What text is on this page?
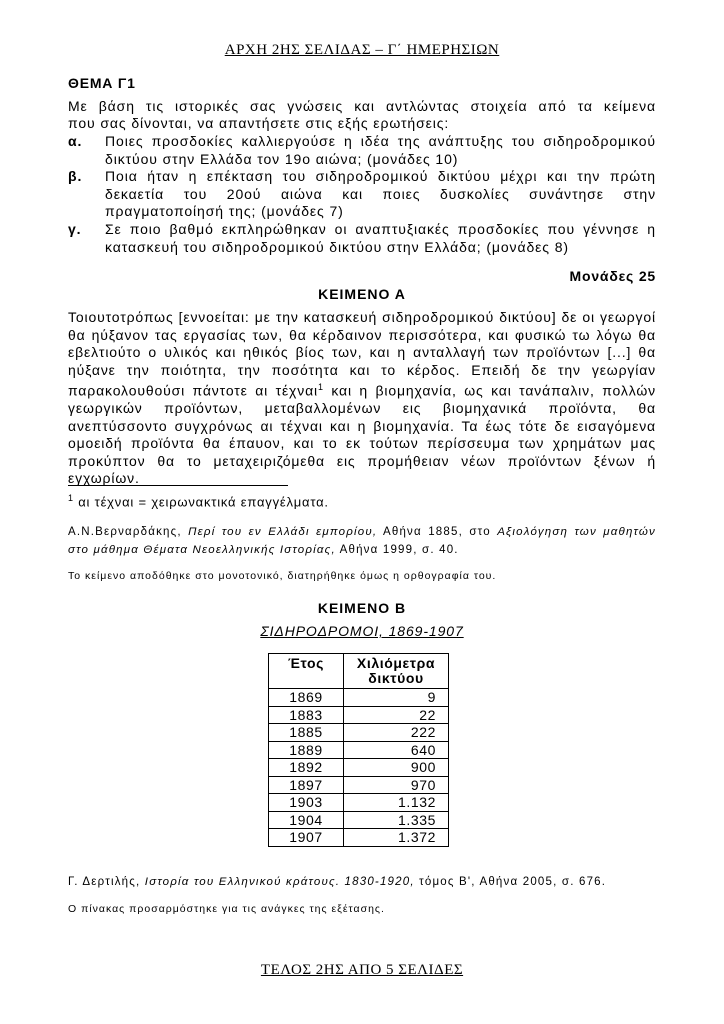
ΑΡΧΗ 2ΗΣ ΣΕΛΙΔΑΣ – Γ΄ ΗΜΕΡΗΣΙΩΝ
ΘΕΜΑ Γ1
Με βάση τις ιστορικές σας γνώσεις και αντλώντας στοιχεία από τα κείμενα
που σας δίνονται, να απαντήσετε στις εξής ερωτήσεις:
α. Ποιες προσδοκίες καλλιεργούσε η ιδέα της ανάπτυξης του σιδηροδρομικού δικτύου στην Ελλάδα τον 19ο αιώνα; (μονάδες 10)
β. Ποια ήταν η επέκταση του σιδηροδρομικού δικτύου μέχρι και την πρώτη δεκαετία του 20ού αιώνα και ποιες δυσκολίες συνάντησε στην πραγματοποίησή της; (μονάδες 7)
γ. Σε ποιο βαθμό εκπληρώθηκαν οι αναπτυξιακές προσδοκίες που γέννησε η κατασκευή του σιδηροδρομικού δικτύου στην Ελλάδα; (μονάδες 8)
Μονάδες 25
ΚΕΙΜΕΝΟ Α
Τοιουτοτρόπως [εννοείται: με την κατασκευή σιδηροδρομικού δικτύου] δε οι γεωργοί θα ηύξανον τας εργασίας των, θα κέρδαινον περισσότερα, και φυσικώ τω λόγω θα εβελτιούτο ο υλικός και ηθικός βίος των, και η ανταλλαγή των προϊόντων [...] θα ηύξανε την ποιότητα, την ποσότητα και το κέρδος. Επειδή δε την γεωργίαν παρακολουθούσι πάντοτε αι τέχναι$^1$ και η βιομηχανία, ως και τανάπαλιν, πολλών γεωργικών προϊόντων, μεταβαλλομένων εις βιομηχανικά προϊόντα, θα ανεπτύσσοντο συγχρόνως αι τέχναι και η βιομηχανία. Τα έως τότε δε εισαγόμενα ομοειδή προϊόντα θα έπαυον, και το εκ τούτων περίσσευμα των χρημάτων μας προκύπτον θα το μεταχειριζόμεθα εις προμήθειαν νέων προϊόντων ξένων ή εγχωρίων.
$^1$ αι τέχναι = χειρωνακτικά επαγγέλματα.
Α.Ν.Βερναρδάκης, Περί του εν Ελλάδι εμπορίου, Αθήνα 1885, στο Αξιολόγηση των μαθητών στο μάθημα Θέματα Νεοελληνικής Ιστορίας, Αθήνα 1999, σ. 40.
Το κείμενο αποδόθηκε στο μονοτονικό, διατηρήθηκε όμως η ορθογραφία του.
ΚΕΙΜΕΝΟ Β
ΣΙΔΗΡΟΔΡΟΜΟΙ, 1869-1907
Έτος	Χιλιόμετρα
δικτύου
1869	9
1883	22
1885	222
1889	640
1892	900
1897	970
1903	1.132
1904	1.335
1907	1.372
Γ. Δερτιλής, Ιστορία του Ελληνικού κράτους. 1830-1920, τόμος Β', Αθήνα 2005, σ. 676.
Ο πίνακας προσαρμόστηκε για τις ανάγκες της εξέτασης.
ΤΕΛΟΣ 2ΗΣ ΑΠΟ 5 ΣΕΛΙΔΕΣ
